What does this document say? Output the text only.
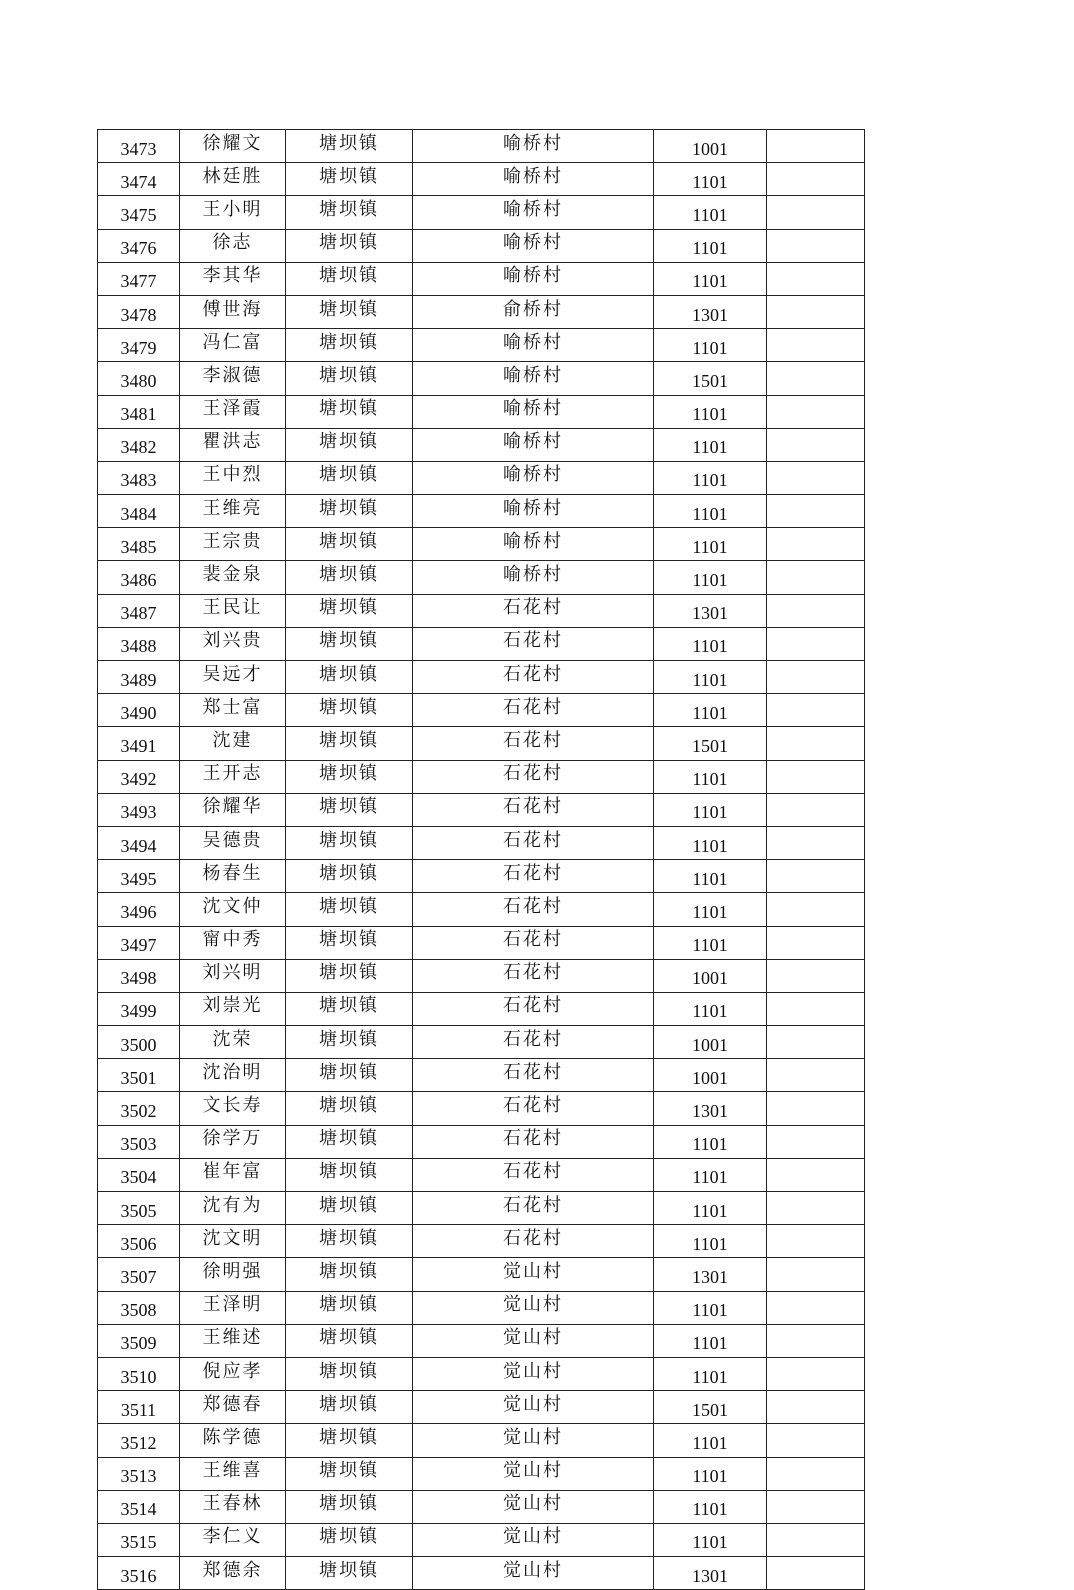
3473	徐耀文	塘坝镇	喻桥村	1001	
3474	林廷胜	塘坝镇	喻桥村	1101	
3475	王小明	塘坝镇	喻桥村	1101	
3476	徐志	塘坝镇	喻桥村	1101	
3477	李其华	塘坝镇	喻桥村	1101	
3478	傅世海	塘坝镇	俞桥村	1301	
3479	冯仁富	塘坝镇	喻桥村	1101	
3480	李淑德	塘坝镇	喻桥村	1501	
3481	王泽霞	塘坝镇	喻桥村	1101	
3482	瞿洪志	塘坝镇	喻桥村	1101	
3483	王中烈	塘坝镇	喻桥村	1101	
3484	王维亮	塘坝镇	喻桥村	1101	
3485	王宗贵	塘坝镇	喻桥村	1101	
3486	裴金泉	塘坝镇	喻桥村	1101	
3487	王民让	塘坝镇	石花村	1301	
3488	刘兴贵	塘坝镇	石花村	1101	
3489	吴远才	塘坝镇	石花村	1101	
3490	郑士富	塘坝镇	石花村	1101	
3491	沈建	塘坝镇	石花村	1501	
3492	王开志	塘坝镇	石花村	1101	
3493	徐耀华	塘坝镇	石花村	1101	
3494	吴德贵	塘坝镇	石花村	1101	
3495	杨春生	塘坝镇	石花村	1101	
3496	沈文仲	塘坝镇	石花村	1101	
3497	甯中秀	塘坝镇	石花村	1101	
3498	刘兴明	塘坝镇	石花村	1001	
3499	刘崇光	塘坝镇	石花村	1101	
3500	沈荣	塘坝镇	石花村	1001	
3501	沈治明	塘坝镇	石花村	1001	
3502	文长寿	塘坝镇	石花村	1301	
3503	徐学万	塘坝镇	石花村	1101	
3504	崔年富	塘坝镇	石花村	1101	
3505	沈有为	塘坝镇	石花村	1101	
3506	沈文明	塘坝镇	石花村	1101	
3507	徐明强	塘坝镇	觉山村	1301	
3508	王泽明	塘坝镇	觉山村	1101	
3509	王维述	塘坝镇	觉山村	1101	
3510	倪应孝	塘坝镇	觉山村	1101	
3511	郑德春	塘坝镇	觉山村	1501	
3512	陈学德	塘坝镇	觉山村	1101	
3513	王维喜	塘坝镇	觉山村	1101	
3514	王春林	塘坝镇	觉山村	1101	
3515	李仁义	塘坝镇	觉山村	1101	
3516	郑德余	塘坝镇	觉山村	1301	
